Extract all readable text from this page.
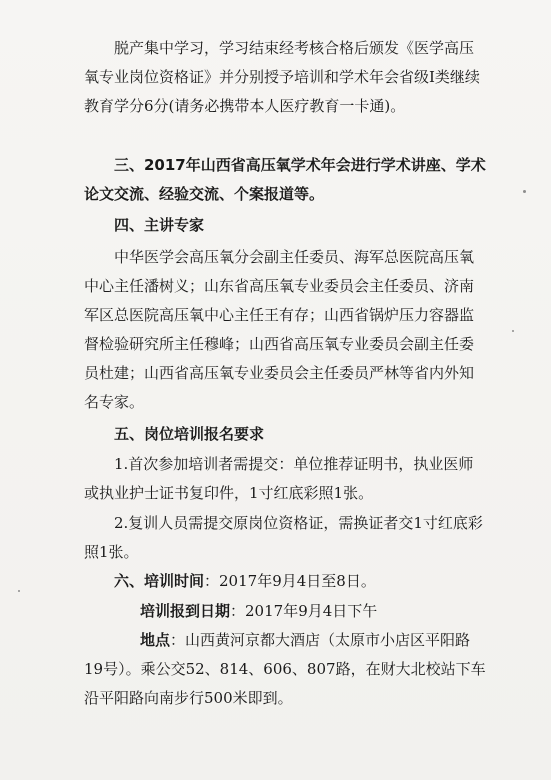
脱产集中学习，学习结束经考核合格后颁发《医学高压氧专业岗位资格证》并分别授予培训和学术年会省级Ⅰ类继续教育学分6分(请务必携带本人医疗教育一卡通)。

三、2017年山西省高压氧学术年会进行学术讲座、学术论文交流、经验交流、个案报道等。

四、主讲专家

中华医学会高压氧分会副主任委员、海军总医院高压氧中心主任潘树义；山东省高压氧专业委员会主任委员、济南军区总医院高压氧中心主任王有存；山西省锅炉压力容器监督检验研究所主任穆峰；山西省高压氧专业委员会副主任委员杜建；山西省高压氧专业委员会主任委员严林等省内外知名专家。

五、岗位培训报名要求

1.首次参加培训者需提交：单位推荐证明书，执业医师或执业护士证书复印件，1寸红底彩照1张。

2.复训人员需提交原岗位资格证，需换证者交1寸红底彩照1张。

六、培训时间：2017年9月4日至8日。

培训报到日期：2017年9月4日下午

地点：山西黄河京都大酒店（太原市小店区平阳路19号）。乘公交52、814、606、807路，在财大北校站下车沿平阳路向南步行500米即到。
